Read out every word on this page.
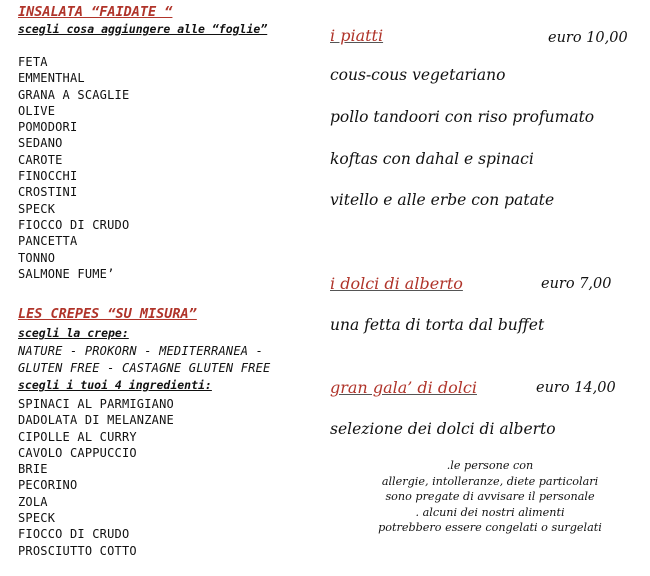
INSALATA “FAIDATE “
scegli cosa aggiungere alle “foglie”
FETA
EMMENTHAL
GRANA A SCAGLIE
OLIVE
POMODORI
SEDANO
CAROTE
FINOCCHI
CROSTINI
SPECK
FIOCCO DI CRUDO
PANCETTA
TONNO
SALMONE FUME’
LES CREPES “SU MISURA”
scegli la crepe:
NATURE - PROKORN - MEDITERRANEA -
GLUTEN FREE - CASTAGNE GLUTEN FREE
scegli i tuoi 4 ingredienti:
SPINACI AL PARMIGIANO
DADOLATA DI MELANZANE
CIPOLLE AL CURRY
CAVOLO CAPPUCCIO
BRIE
PECORINO
ZOLA
SPECK
FIOCCO DI CRUDO
PROSCIUTTO COTTO
i piatti	euro 10,00
cous-cous vegetariano
pollo tandoori con riso profumato
koftas con dahal e spinaci
vitello e alle erbe con patate
i dolci di alberto	euro 7,00
una fetta di torta dal buffet
gran gala’ di dolci	euro 14,00
selezione dei dolci di alberto
.le persone con
allergie, intolleranze, diete particolari
sono pregate di avvisare il personale
. alcuni dei nostri alimenti
potrebbero essere congelati o surgelati
